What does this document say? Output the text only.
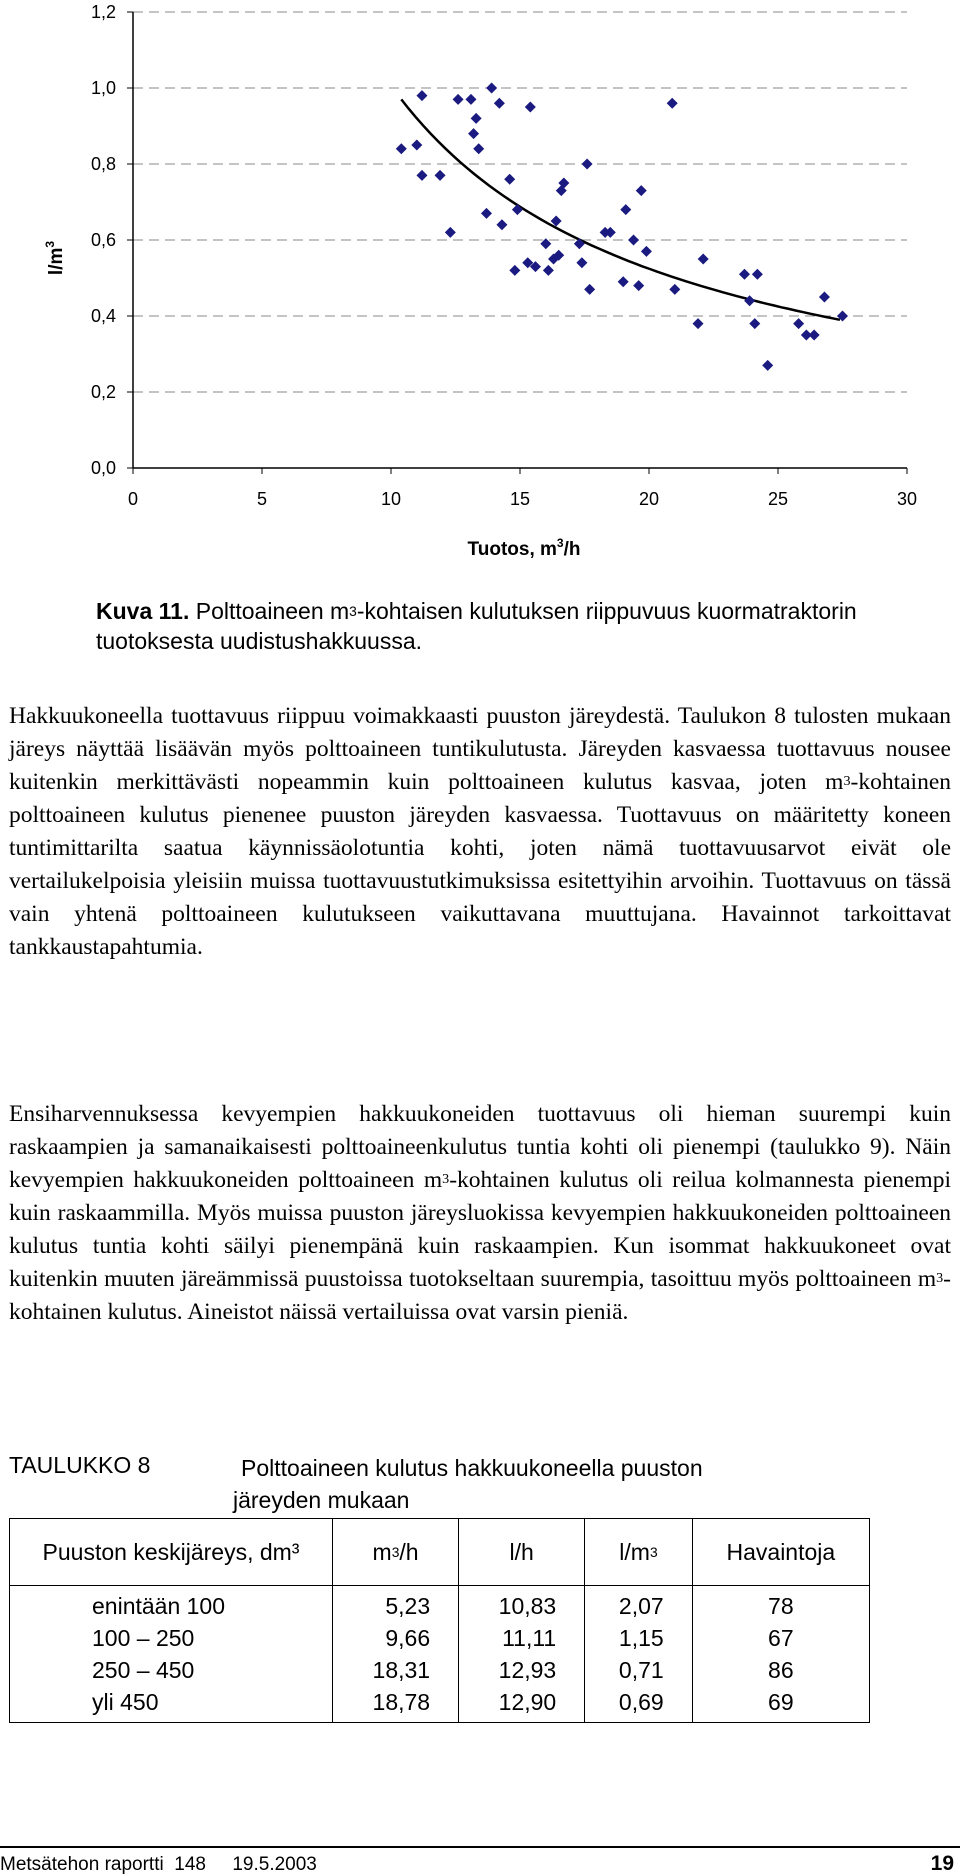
0,0
0,2
0,4
0,6
0,8
1,0
1,2
0	5	10	15	20	25	30
$l/m^3$
Tuotos, $m^3/h$
Kuva 11. Polttoaineen $m^3$-kohtaisen kulutuksen riippuvuus kuormatraktorin tuotoksesta uudistushakkuussa.
Hakkuukoneella tuottavuus riippuu voimakkaasti puuston järeydestä. Taulukon 8 tulosten mukaan järeys näyttää lisäävän myös polttoaineen tuntikulutusta. Järeyden kasvaessa tuottavuus nousee kuitenkin merkittävästi nopeammin kuin polttoaineen kulutus kasvaa, joten $m^3$-kohtainen polttoaineen kulutus pienenee puuston järeyden kasvaessa. Tuottavuus on määritetty koneen tuntimittarilta saatua käynnissäolotuntia kohti, joten nämä tuottavuusarvot eivät ole vertailukelpoisia yleisiin muissa tuottavuustutkimuksissa esitettyihin arvoihin. Tuottavuus on tässä vain yhtenä polttoaineen kulutukseen vaikuttavana muuttujana. Havainnot tarkoittavat tankkaustapahtumia.
Ensiharvennuksessa kevyempien hakkuukoneiden tuottavuus oli hieman suurempi kuin raskaampien ja samanaikaisesti polttoaineenkulutus tuntia kohti oli pienempi (taulukko 9). Näin kevyempien hakkuukoneiden polttoaineen $m^3$-kohtainen kulutus oli reilua kolmannesta pienempi kuin raskaammilla. Myös muissa puuston järeysluokissa kevyempien hakkuukoneiden polttoaineen kulutus tuntia kohti säilyi pienempänä kuin raskaampien. Kun isommat hakkuukoneet ovat kuitenkin muuten järeämmissä puustoissa tuotokseltaan suurempia, tasoittuu myös polttoaineen $m^3$-kohtainen kulutus. Aineistot näissä vertailuissa ovat varsin pieniä.
TAULUKKO 8	Polttoaineen kulutus hakkuukoneella puuston
järeyden mukaan
Puuston keskijäreys, dm³	$m^3/h$	l/h	$l/m^3$	Havaintoja
enintään 100	5,23	10,83	2,07	78
100 – 250	9,66	11,11	1,15	67
250 – 450	18,31	12,93	0,71	86
yli 450	18,78	12,90	0,69	69
Metsätehon raportti  148     19.5.2003	19
